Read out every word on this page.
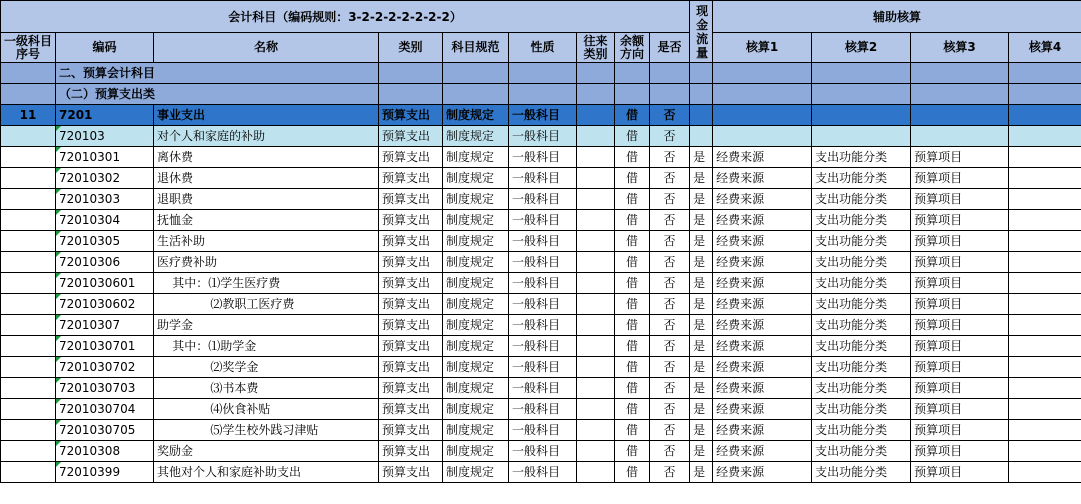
会计科目（编码规则：3-2-2-2-2-2-2-2）									现金流量	辅助核算			
一级科目序号	编码	名称	类别	科目规范	性质	往来类别	余额方向	是否		核算1	核算2	核算3	核算4
	二、预算会计科目												
	（二）预算支出类												
11	7201	事业支出	预算支出	制度规定	一般科目		借	否					
	720103	对个人和家庭的补助	预算支出	制度规定	一般科目		借	否					
	72010301	离休费	预算支出	制度规定	一般科目		借	否	是	经费来源	支出功能分类	预算项目	
	72010302	退休费	预算支出	制度规定	一般科目		借	否	是	经费来源	支出功能分类	预算项目	
	72010303	退职费	预算支出	制度规定	一般科目		借	否	是	经费来源	支出功能分类	预算项目	
	72010304	抚恤金	预算支出	制度规定	一般科目		借	否	是	经费来源	支出功能分类	预算项目	
	72010305	生活补助	预算支出	制度规定	一般科目		借	否	是	经费来源	支出功能分类	预算项目	
	72010306	医疗费补助	预算支出	制度规定	一般科目		借	否	是	经费来源	支出功能分类	预算项目	
	7201030601	其中：⑴学生医疗费	预算支出	制度规定	一般科目		借	否	是	经费来源	支出功能分类	预算项目	
	7201030602	⑵教职工医疗费	预算支出	制度规定	一般科目		借	否	是	经费来源	支出功能分类	预算项目	
	72010307	助学金	预算支出	制度规定	一般科目		借	否	是	经费来源	支出功能分类	预算项目	
	7201030701	其中：⑴助学金	预算支出	制度规定	一般科目		借	否	是	经费来源	支出功能分类	预算项目	
	7201030702	⑵奖学金	预算支出	制度规定	一般科目		借	否	是	经费来源	支出功能分类	预算项目	
	7201030703	⑶书本费	预算支出	制度规定	一般科目		借	否	是	经费来源	支出功能分类	预算项目	
	7201030704	⑷伙食补贴	预算支出	制度规定	一般科目		借	否	是	经费来源	支出功能分类	预算项目	
	7201030705	⑸学生校外践习津贴	预算支出	制度规定	一般科目		借	否	是	经费来源	支出功能分类	预算项目	
	72010308	奖励金	预算支出	制度规定	一般科目		借	否	是	经费来源	支出功能分类	预算项目	
	72010399	其他对个人和家庭补助支出	预算支出	制度规定	一般科目		借	否	是	经费来源	支出功能分类	预算项目	
